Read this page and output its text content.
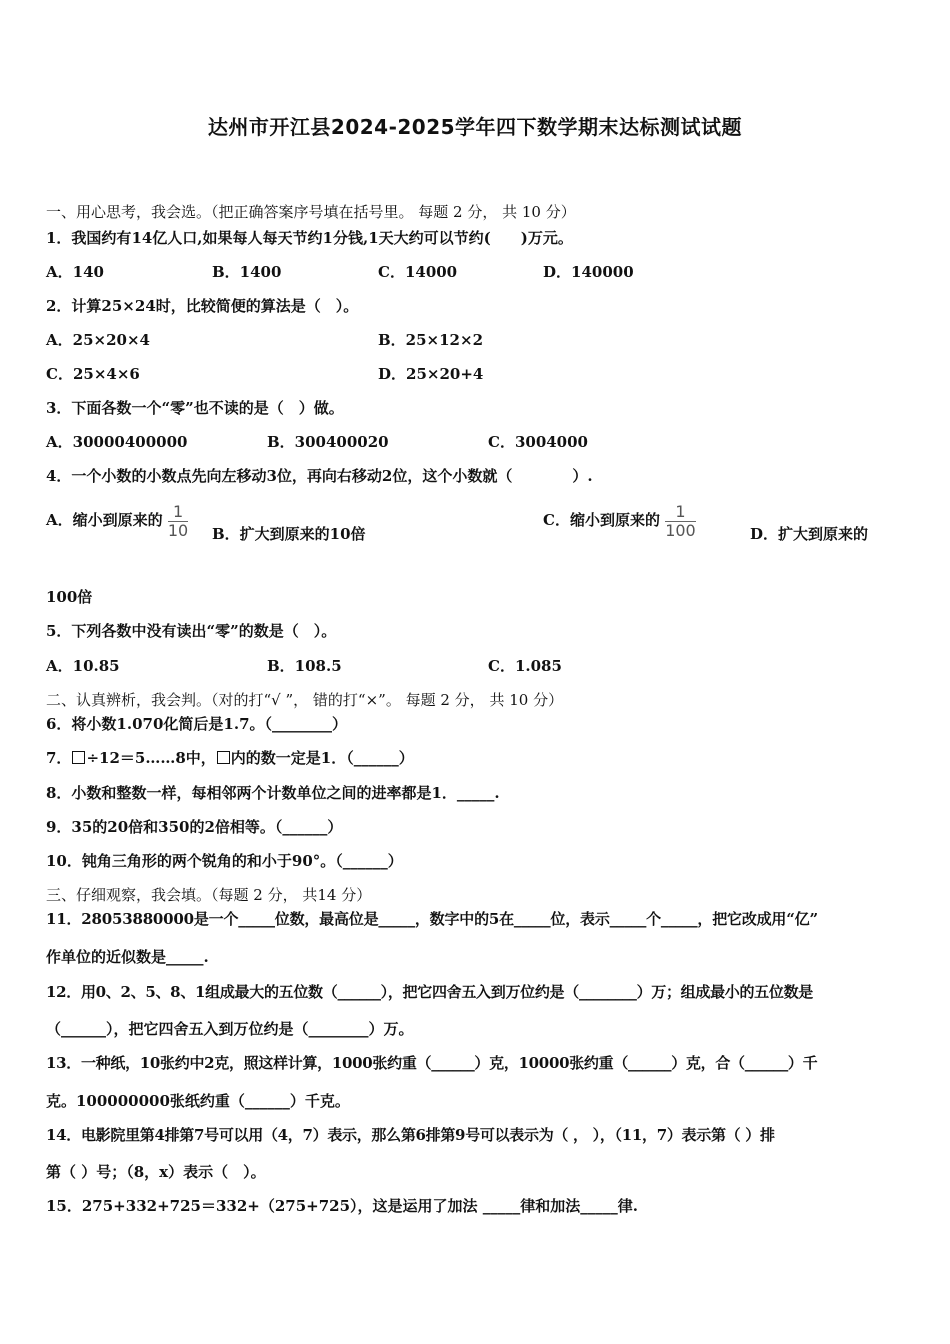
达州市开江县2024-2025学年四下数学期末达标测试试题
一、用心思考，我会选。（把正确答案序号填在括号里。 每题 2 分， 共 10 分）
1．我国约有14亿人口,如果每人每天节约1分钱,1天大约可以节约(　　)万元。
A．140	B．1400	C．14000	D．140000
2．计算25×24时，比较简便的算法是（　）。
A．25×20×4	B．25×12×2
C．25×4×6	D．25×20+4
3．下面各数一个“零”也不读的是（　）做。
A．30000400000	B．300400020	C．3004000
4．一个小数的小数点先向左移动3位，再向右移动2位，这个小数就（　　　　）.
A．缩小到原来的 $\frac{1}{10}$ B．扩大到原来的10倍
C．缩小到原来的 $\frac{1}{100}$	D．扩大到原来的
100倍
5．下列各数中没有读出“零”的数是（　）。
A．10.85	B．108.5	C．1.085
二、认真辨析，我会判。（对的打“√ ”， 错的打“×”。 每题 2 分， 共 10 分）
6．将小数1.070化简后是1.7。（________）
7． ÷12＝5……8中， 内的数一定是1．（______）
8．小数和整数一样，每相邻两个计数单位之间的进率都是1．_____.
9．35的20倍和350的2倍相等。（______）
10．钝角三角形的两个锐角的和小于90°。（______）
三、仔细观察，我会填。（每题 2 分， 共14 分）
11．28053880000是一个_____位数，最高位是_____，数字中的5在_____位，表示_____个_____，把它改成用“亿”
作单位的近似数是_____.
12．用0、2、5、8、1组成最大的五位数（______），把它四舍五入到万位约是（________）万；组成最小的五位数是
（______），把它四舍五入到万位约是（________）万。
13．一种纸，10张约中2克，照这样计算，1000张约重（______）克，10000张约重（______）克，合（______）千
克。100000000张纸约重（______）千克。
14．电影院里第4排第7号可以用（4，7）表示，那么第6排第9号可以表示为（ ， ），（11，7）表示第（ ）排
第（ ）号；（8，x）表示（　）。
15．275+332+725＝332+（275+725），这是运用了加法 _____律和加法_____律.
